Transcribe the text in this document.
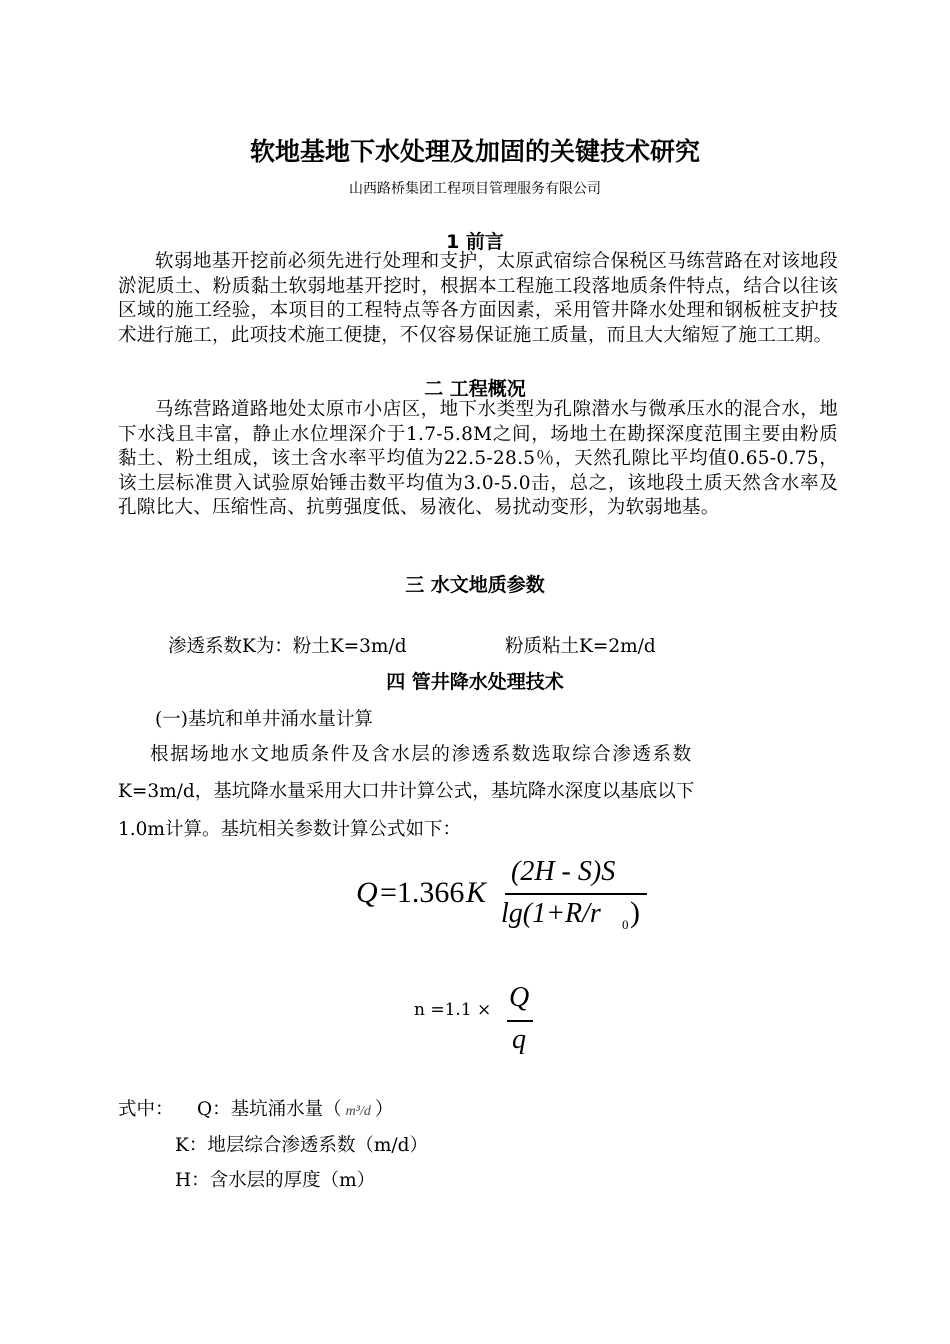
软地基地下水处理及加固的关键技术研究
山西路桥集团工程项目管理服务有限公司
1 前言
软弱地基开挖前必须先进行处理和支护，太原武宿综合保税区马练营路在对该地段淤泥质土、粉质黏土软弱地基开挖时，根据本工程施工段落地质条件特点，结合以往该区域的施工经验，本项目的工程特点等各方面因素，采用管井降水处理和钢板桩支护技术进行施工，此项技术施工便捷，不仅容易保证施工质量，而且大大缩短了施工工期。
二 工程概况
马练营路道路地处太原市小店区，地下水类型为孔隙潜水与微承压水的混合水，地下水浅且丰富，静止水位埋深介于1.7-5.8M之间，场地土在勘探深度范围主要由粉质黏土、粉土组成，该土含水率平均值为22.5-28.5％，天然孔隙比平均值0.65-0.75，该土层标准贯入试验原始锤击数平均值为3.0-5.0击，总之，该地段土质天然含水率及孔隙比大、压缩性高、抗剪强度低、易液化、易扰动变形，为软弱地基。
三 水文地质参数
渗透系数K为：粉土K=3m/d	粉质粘土K=2m/d
四 管井降水处理技术
(一)基坑和单井涌水量计算
根据场地水文地质条件及含水层的渗透系数选取综合渗透系数
K=3m/d，基坑降水量采用大口井计算公式，基坑降水深度以基底以下
1.0m计算。基坑相关参数计算公式如下：
Q =1.366 K
(2H - S)S
lg(1+R/r 0 )
n =1.1 × Q
q
式中： Q：基坑涌水量（ m³/d ）
K：地层综合渗透系数（m/d）
H：含水层的厚度（m）
